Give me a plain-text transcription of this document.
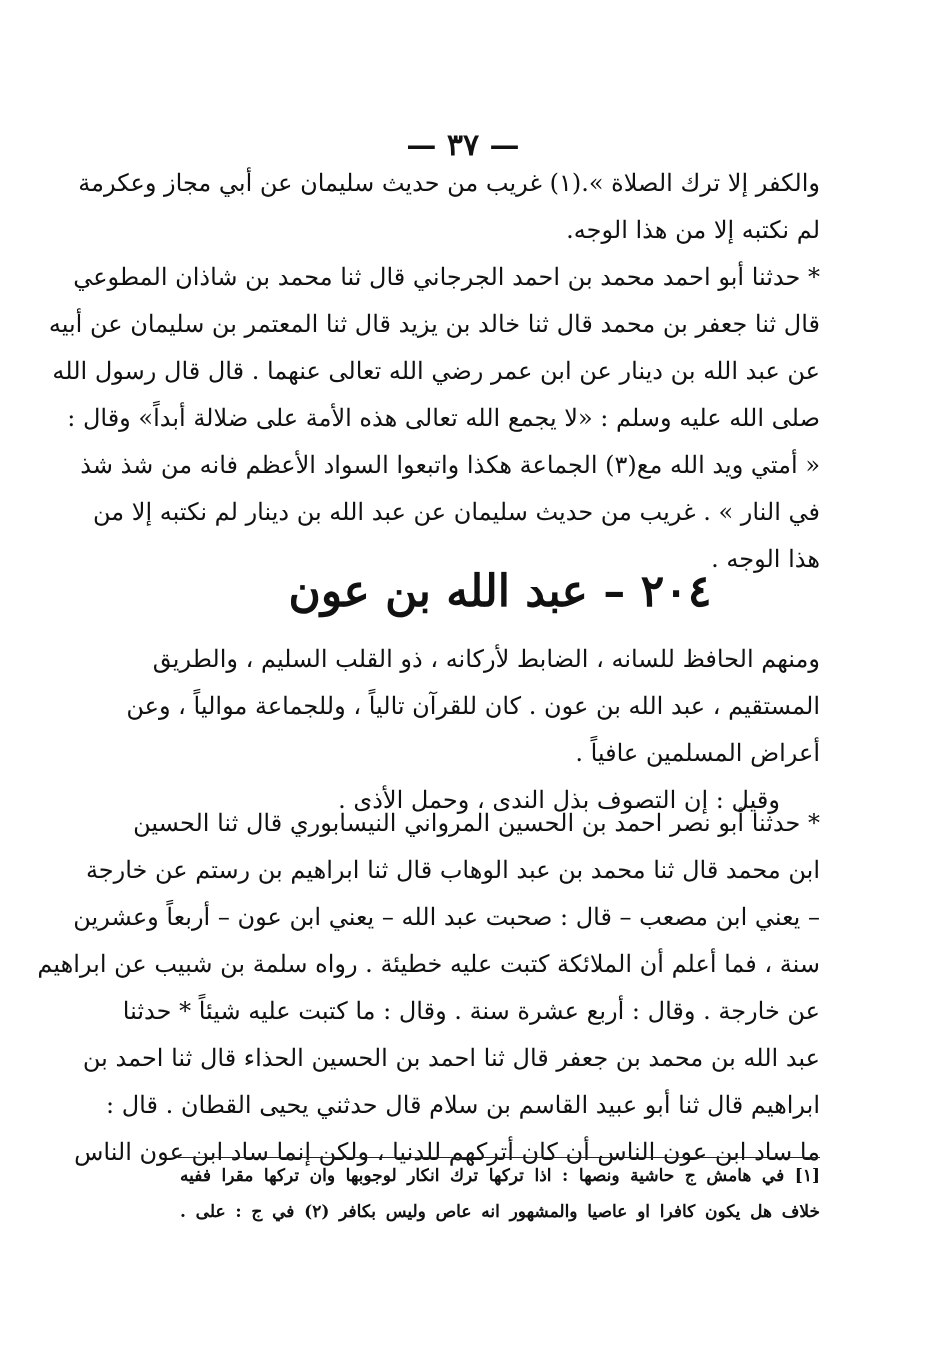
— ٣٧ —
والكفر إلا ترك الصلاة ».(١) غريب من حديث سليمان عن أبي مجاز وعكرمة
لم نكتبه إلا من هذا الوجه.
* حدثنا أبو احمد محمد بن احمد الجرجاني قال ثنا محمد بن شاذان المطوعي
قال ثنا جعفر بن محمد قال ثنا خالد بن يزيد قال ثنا المعتمر بن سليمان عن أبيه
عن عبد الله بن دينار عن ابن عمر رضي الله تعالى عنهما . قال قال رسول الله
صلى الله عليه وسلم : «لا يجمع الله تعالى هذه الأمة على ضلالة أبداً» وقال :
« أمتي ويد الله مع(٣) الجماعة هكذا واتبعوا السواد الأعظم فانه من شذ شذ
في النار » . غريب من حديث سليمان عن عبد الله بن دينار لم نكتبه إلا من
هذا الوجه .
٢٠٤ – عبد الله بن عون
ومنهم الحافظ للسانه ، الضابط لأركانه ، ذو القلب السليم ، والطريق
المستقيم ، عبد الله بن عون . كان للقرآن تالياً ، وللجماعة موالياً ، وعن
أعراض المسلمين عافياً .
وقيل : إن التصوف بذل الندى ، وحمل الأذى .
* حدثنا أبو نصر احمد بن الحسين المرواني النيسابوري قال ثنا الحسين
ابن محمد قال ثنا محمد بن عبد الوهاب قال ثنا ابراهيم بن رستم عن خارجة
– يعني ابن مصعب – قال : صحبت عبد الله – يعني ابن عون – أربعاً وعشرين
سنة ، فما أعلم أن الملائكة كتبت عليه خطيئة . رواه سلمة بن شبيب عن ابراهيم
عن خارجة . وقال : أربع عشرة سنة . وقال : ما كتبت عليه شيئاً * حدثنا
عبد الله بن محمد بن جعفر قال ثنا احمد بن الحسين الحذاء قال ثنا احمد بن
ابراهيم قال ثنا أبو عبيد القاسم بن سلام قال حدثني يحيى القطان . قال :
ما ساد ابن عون الناس أن كان أتركهم للدنيا ، ولكن إنما ساد ابن عون الناس
[١] في هامش ج حاشية ونصها : اذا تركها ترك انكار لوجوبها وان تركها مقرا ففيه
خلاف هل يكون كافرا او عاصيا والمشهور انه عاص وليس بكافر (٢) في ج : على .
